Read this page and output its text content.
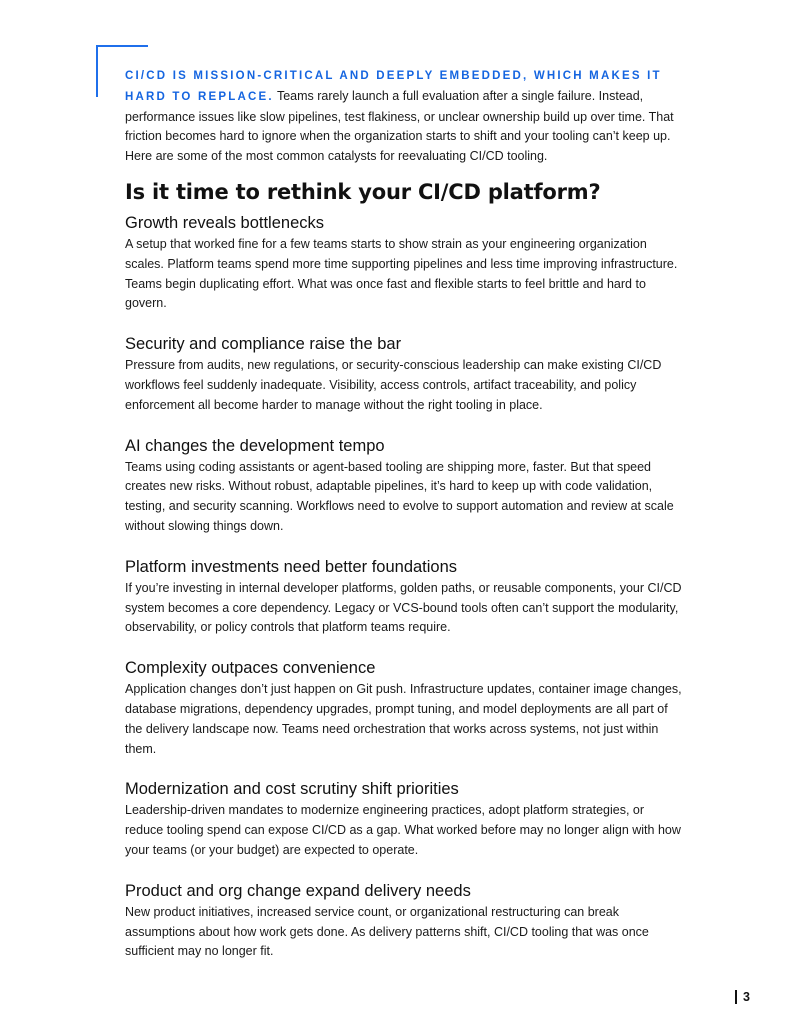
CI/CD IS MISSION-CRITICAL AND DEEPLY EMBEDDED, WHICH MAKES IT HARD TO REPLACE. Teams rarely launch a full evaluation after a single failure. Instead, performance issues like slow pipelines, test flakiness, or unclear ownership build up over time. That friction becomes hard to ignore when the organization starts to shift and your tooling can’t keep up. Here are some of the most common catalysts for reevaluating CI/CD tooling.

Is it time to rethink your CI/CD platform?
Growth reveals bottlenecks

A setup that worked fine for a few teams starts to show strain as your engineering organization scales. Platform teams spend more time supporting pipelines and less time improving infrastructure. Teams begin duplicating effort. What was once fast and flexible starts to feel brittle and hard to govern.

Security and compliance raise the bar

Pressure from audits, new regulations, or security-conscious leadership can make existing CI/CD workflows feel suddenly inadequate. Visibility, access controls, artifact traceability, and policy enforcement all become harder to manage without the right tooling in place.

AI changes the development tempo

Teams using coding assistants or agent-based tooling are shipping more, faster. But that speed creates new risks. Without robust, adaptable pipelines, it’s hard to keep up with code validation, testing, and security scanning. Workflows need to evolve to support automation and review at scale without slowing things down.

Platform investments need better foundations

If you’re investing in internal developer platforms, golden paths, or reusable components, your CI/CD system becomes a core dependency. Legacy or VCS-bound tools often can’t support the modularity, observability, or policy controls that platform teams require.

Complexity outpaces convenience

Application changes don’t just happen on Git push. Infrastructure updates, container image changes, database migrations, dependency upgrades, prompt tuning, and model deployments are all part of the delivery landscape now. Teams need orchestration that works across systems, not just within them.

Modernization and cost scrutiny shift priorities

Leadership-driven mandates to modernize engineering practices, adopt platform strategies, or reduce tooling spend can expose CI/CD as a gap. What worked before may no longer align with how your teams (or your budget) are expected to operate.

Product and org change expand delivery needs

New product initiatives, increased service count, or organizational restructuring can break assumptions about how work gets done. As delivery patterns shift, CI/CD tooling that was once sufficient may no longer fit.

3
